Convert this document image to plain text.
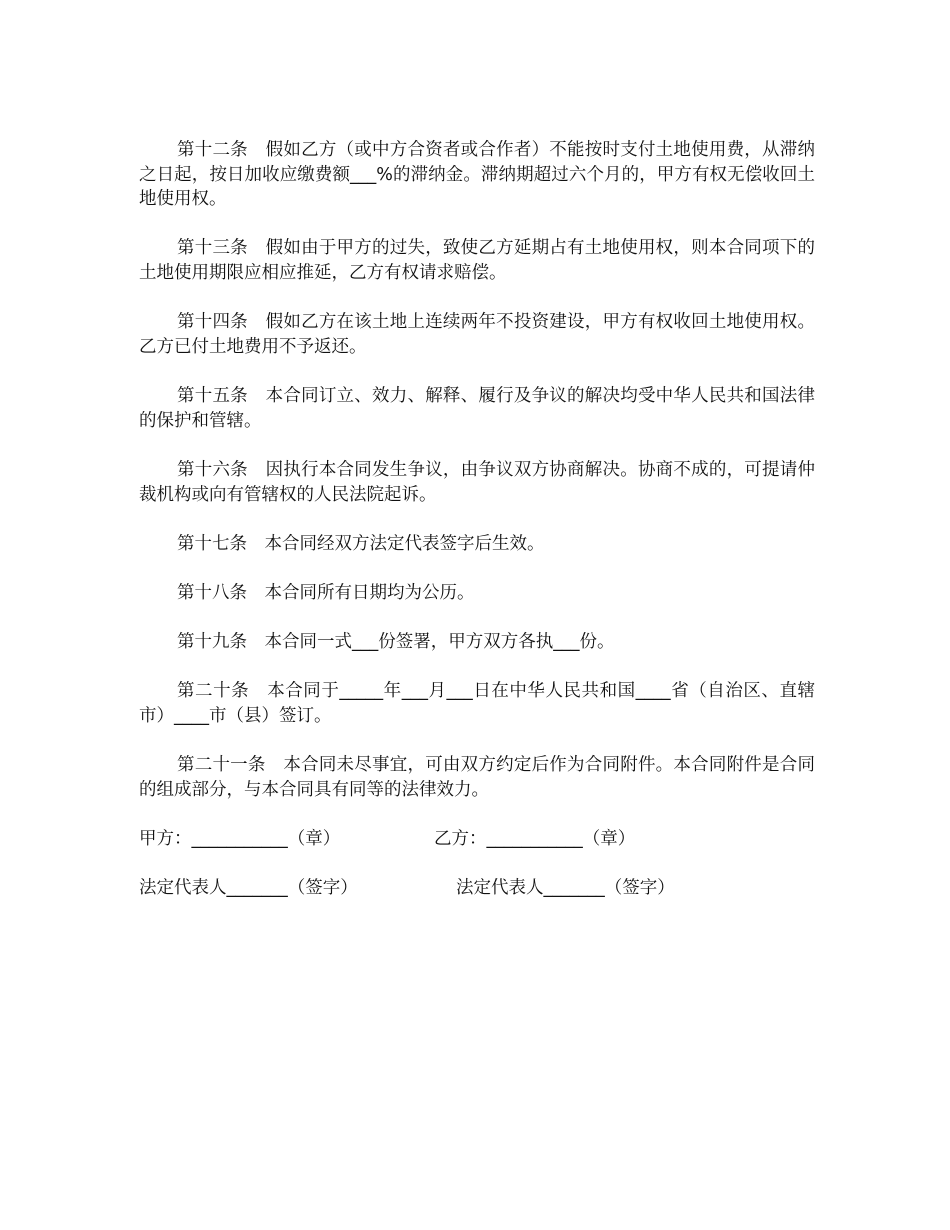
第十二条　假如乙方（或中方合资者或合作者）不能按时支付土地使用费，从滞纳之日起，按日加收应缴费额___%的滞纳金。滞纳期超过六个月的，甲方有权无偿收回土地使用权。

第十三条　假如由于甲方的过失，致使乙方延期占有土地使用权，则本合同项下的土地使用期限应相应推延，乙方有权请求赔偿。

第十四条　假如乙方在该土地上连续两年不投资建设，甲方有权收回土地使用权。乙方已付土地费用不予返还。

第十五条　本合同订立、效力、解释、履行及争议的解决均受中华人民共和国法律的保护和管辖。

第十六条　因执行本合同发生争议，由争议双方协商解决。协商不成的，可提请仲裁机构或向有管辖权的人民法院起诉。

第十七条　本合同经双方法定代表签字后生效。

第十八条　本合同所有日期均为公历。

第十九条　本合同一式___份签署，甲方双方各执___份。

第二十条　本合同于_____年___月___日在中华人民共和国____省（自治区、直辖市）____市（县）签订。

第二十一条　本合同未尽事宜，可由双方约定后作为合同附件。本合同附件是合同的组成部分，与本合同具有同等的法律效力。

甲方：___________（章）	乙方：___________（章）

法定代表人_______（签字）	法定代表人_______（签字）
